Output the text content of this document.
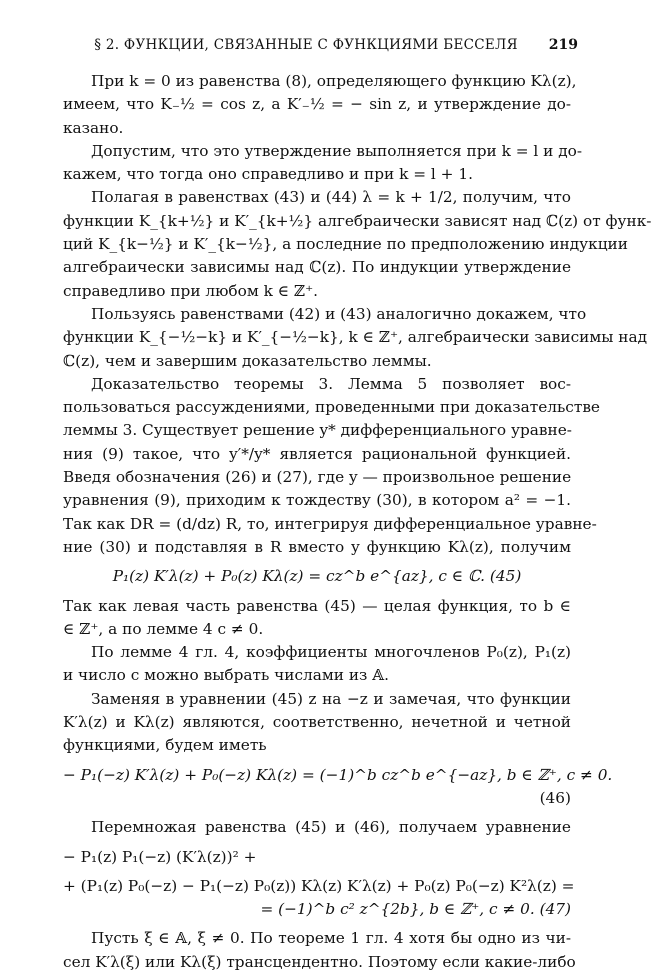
§ 2. ФУНКЦИИ, СВЯЗАННЫЕ С ФУНКЦИЯМИ БЕССЕЛЯ	219
При k = 0 из равенства (8), определяющего функцию Kλ(z),
имеем, что K₋½ = cos z, а K′₋½ = − sin z, и утверждение до-
казано.
Допустим, что это утверждение выполняется при k = l и до-
кажем, что тогда оно справедливо и при k = l + 1.
Полагая в равенствах (43) и (44) λ = k + 1/2, получим, что
функции K_{k+½} и K′_{k+½} алгебраически зависят над ℂ(z) от функ-
ций K_{k−½} и K′_{k−½}, а последние по предположению индукции
алгебраически зависимы над ℂ(z). По индукции утверждение
справедливо при любом k ∈ ℤ⁺.
Пользуясь равенствами (42) и (43) аналогично докажем, что
функции K_{−½−k} и K′_{−½−k}, k ∈ ℤ⁺, алгебраически зависимы над
ℂ(z), чем и завершим доказательство леммы.
Доказательство теоремы 3. Лемма 5 позволяет вос-
пользоваться рассуждениями, проведенными при доказательстве
леммы 3. Существует решение y* дифференциального уравне-
ния (9) такое, что y′*/y* является рациональной функцией.
Введя обозначения (26) и (27), где y — произвольное решение
уравнения (9), приходим к тождеству (30), в котором a² = −1.
Так как DR = (d/dz) R, то, интегрируя дифференциальное уравне-
ние (30) и подставляя в R вместо y функцию Kλ(z), получим
P₁(z) K′λ(z) + P₀(z) Kλ(z) = cz^b e^{az}, c ∈ ℂ. (45)
Так как левая часть равенства (45) — целая функция, то b ∈
∈ ℤ⁺, а по лемме 4 c ≠ 0.
По лемме 4 гл. 4, коэффициенты многочленов P₀(z), P₁(z)
и число c можно выбрать числами из 𝔸.
Заменяя в уравнении (45) z на −z и замечая, что функции
K′λ(z) и Kλ(z) являются, соответственно, нечетной и четной
функциями, будем иметь
− P₁(−z) K′λ(z) + P₀(−z) Kλ(z) = (−1)^b cz^b e^{−az}, b ∈ ℤ⁺, c ≠ 0.
(46)
Перемножая равенства (45) и (46), получаем уравнение
− P₁(z) P₁(−z) (K′λ(z))² +
+ (P₁(z) P₀(−z) − P₁(−z) P₀(z)) Kλ(z) K′λ(z) + P₀(z) P₀(−z) K²λ(z) =
= (−1)^b c² z^{2b}, b ∈ ℤ⁺, c ≠ 0. (47)
Пусть ξ ∈ 𝔸, ξ ≠ 0. По теореме 1 гл. 4 хотя бы одно из чи-
сел K′λ(ξ) или Kλ(ξ) трансцендентно. Поэтому если какие-либо
